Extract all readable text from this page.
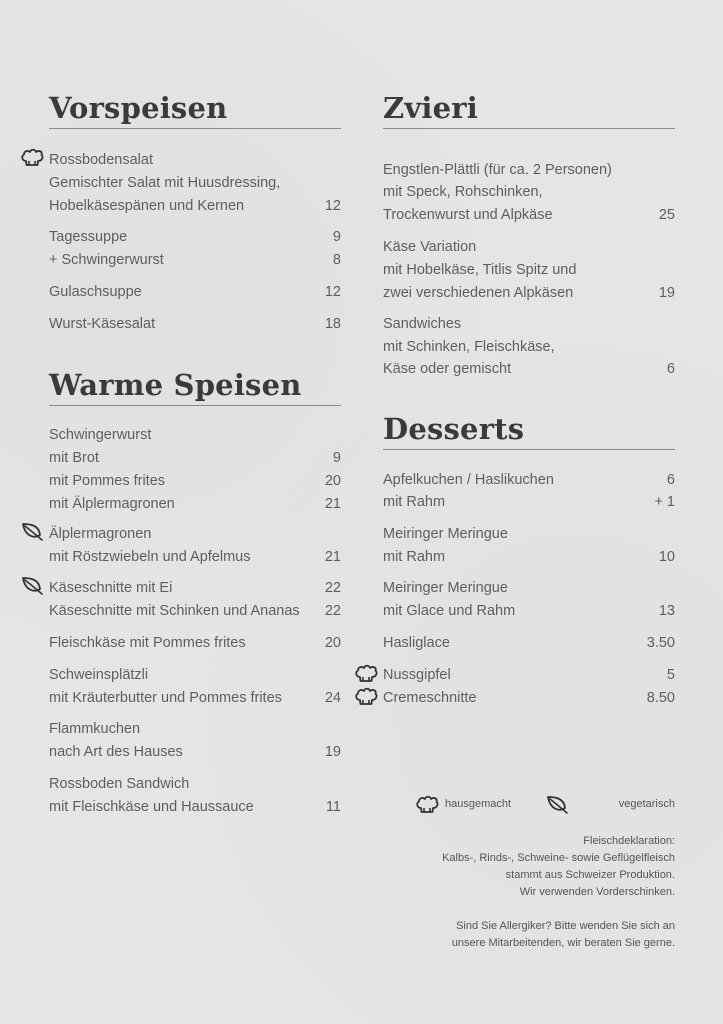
Vorspeisen
Rossbodensalat
Gemischter Salat mit Huusdressing,
Hobelkäsespänen und Kernen	12
Tagessuppe	9
+ Schwingerwurst	8
Gulaschsuppe	12
Wurst-Käsesalat	18
Warme Speisen
Schwingerwurst
mit Brot	9
mit Pommes frites	20
mit Älplermagronen	21
Älplermagronen
mit Röstzwiebeln und Apfelmus	21
Käseschnitte mit Ei	22
Käseschnitte mit Schinken und Ananas 22
Fleischkäse mit Pommes frites	20
Schweinsplätzli
mit Kräuterbutter und Pommes frites	24
Flammkuchen
nach Art des Hauses	19
Rossboden Sandwich
mit Fleischkäse und Haussauce	11
Zvieri
Engstlen-Plättli (für ca. 2 Personen)
mit Speck, Rohschinken,
Trockenwurst und Alpkäse	25
Käse Variation
mit Hobelkäse, Titlis Spitz und
zwei verschiedenen Alpkäsen	19
Sandwiches
mit Schinken, Fleischkäse,
Käse oder gemischt	6
Desserts
Apfelkuchen / Haslikuchen	6
mit Rahm	+ 1
Meiringer Meringue
mit Rahm	10
Meiringer Meringue
mit Glace und Rahm	13
Hasliglace	3.50
Nussgipfel	5
Cremeschnitte	8.50
hausgemacht	vegetarisch
Fleischdeklaration:
Kalbs-, Rinds-, Schweine- sowie Geflügelfleisch
stammt aus Schweizer Produktion.
Wir verwenden Vorderschinken.
Sind Sie Allergiker? Bitte wenden Sie sich an
unsere Mitarbeitenden, wir beraten Sie gerne.
